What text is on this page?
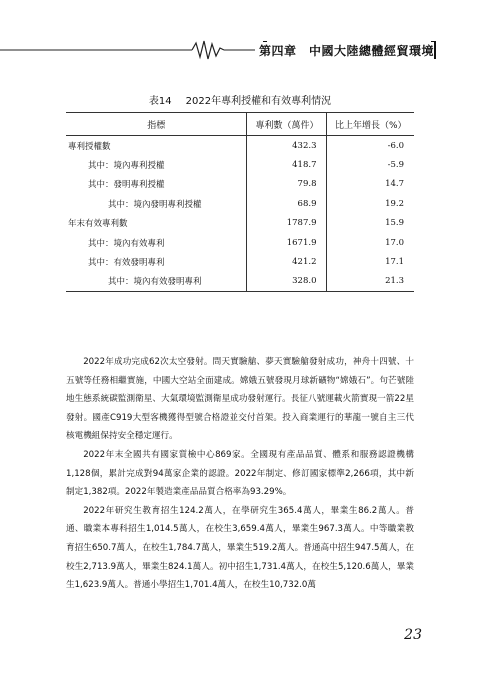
第四章　中國大陸總體經貿環境
表14 2022年專利授權和有效專利情況
指標	專利數（萬件）	比上年增長（%）
專利授權數	432.3	-6.0
其中：境內專利授權	418.7	-5.9
其中：發明專利授權	79.8	14.7
其中：境內發明專利授權	68.9	19.2
年末有效專利數	1787.9	15.9
其中：境內有效專利	1671.9	17.0
其中：有效發明專利	421.2	17.1
其中：境內有效發明專利	328.0	21.3

2022年成功完成62次太空發射。問天實驗艙、夢天實驗艙發射成功，神舟十四號、十五號等任務相繼實施，中國大空站全面建成。嫦娥五號發現月球新礦物“嫦娥石”。句芒號陸地生態系統碳監測衛星、大氣環境監測衛星成功發射運行。長征八號運載火箭實現一箭22星發射。國產C919大型客機獲得型號合格證並交付首架。投入商業運行的華龍一號自主三代核電機組保持安全穩定運行。

2022年末全國共有國家質檢中心869家。全國現有產品品質、體系和服務認證機構1,128個，累計完成對94萬家企業的認證。2022年制定、修訂國家標準2,266項，其中新制定1,382項。2022年製造業產品品質合格率為93.29%。

2022年研究生教育招生124.2萬人，在學研究生365.4萬人，畢業生86.2萬人。普通、職業本專科招生1,014.5萬人，在校生3,659.4萬人，畢業生967.3萬人。中等職業教育招生650.7萬人，在校生1,784.7萬人，畢業生519.2萬人。普通高中招生947.5萬人，在校生2,713.9萬人，畢業生824.1萬人。初中招生1,731.4萬人，在校生5,120.6萬人，畢業生1,623.9萬人。普通小學招生1,701.4萬人，在校生10,732.0萬

23
